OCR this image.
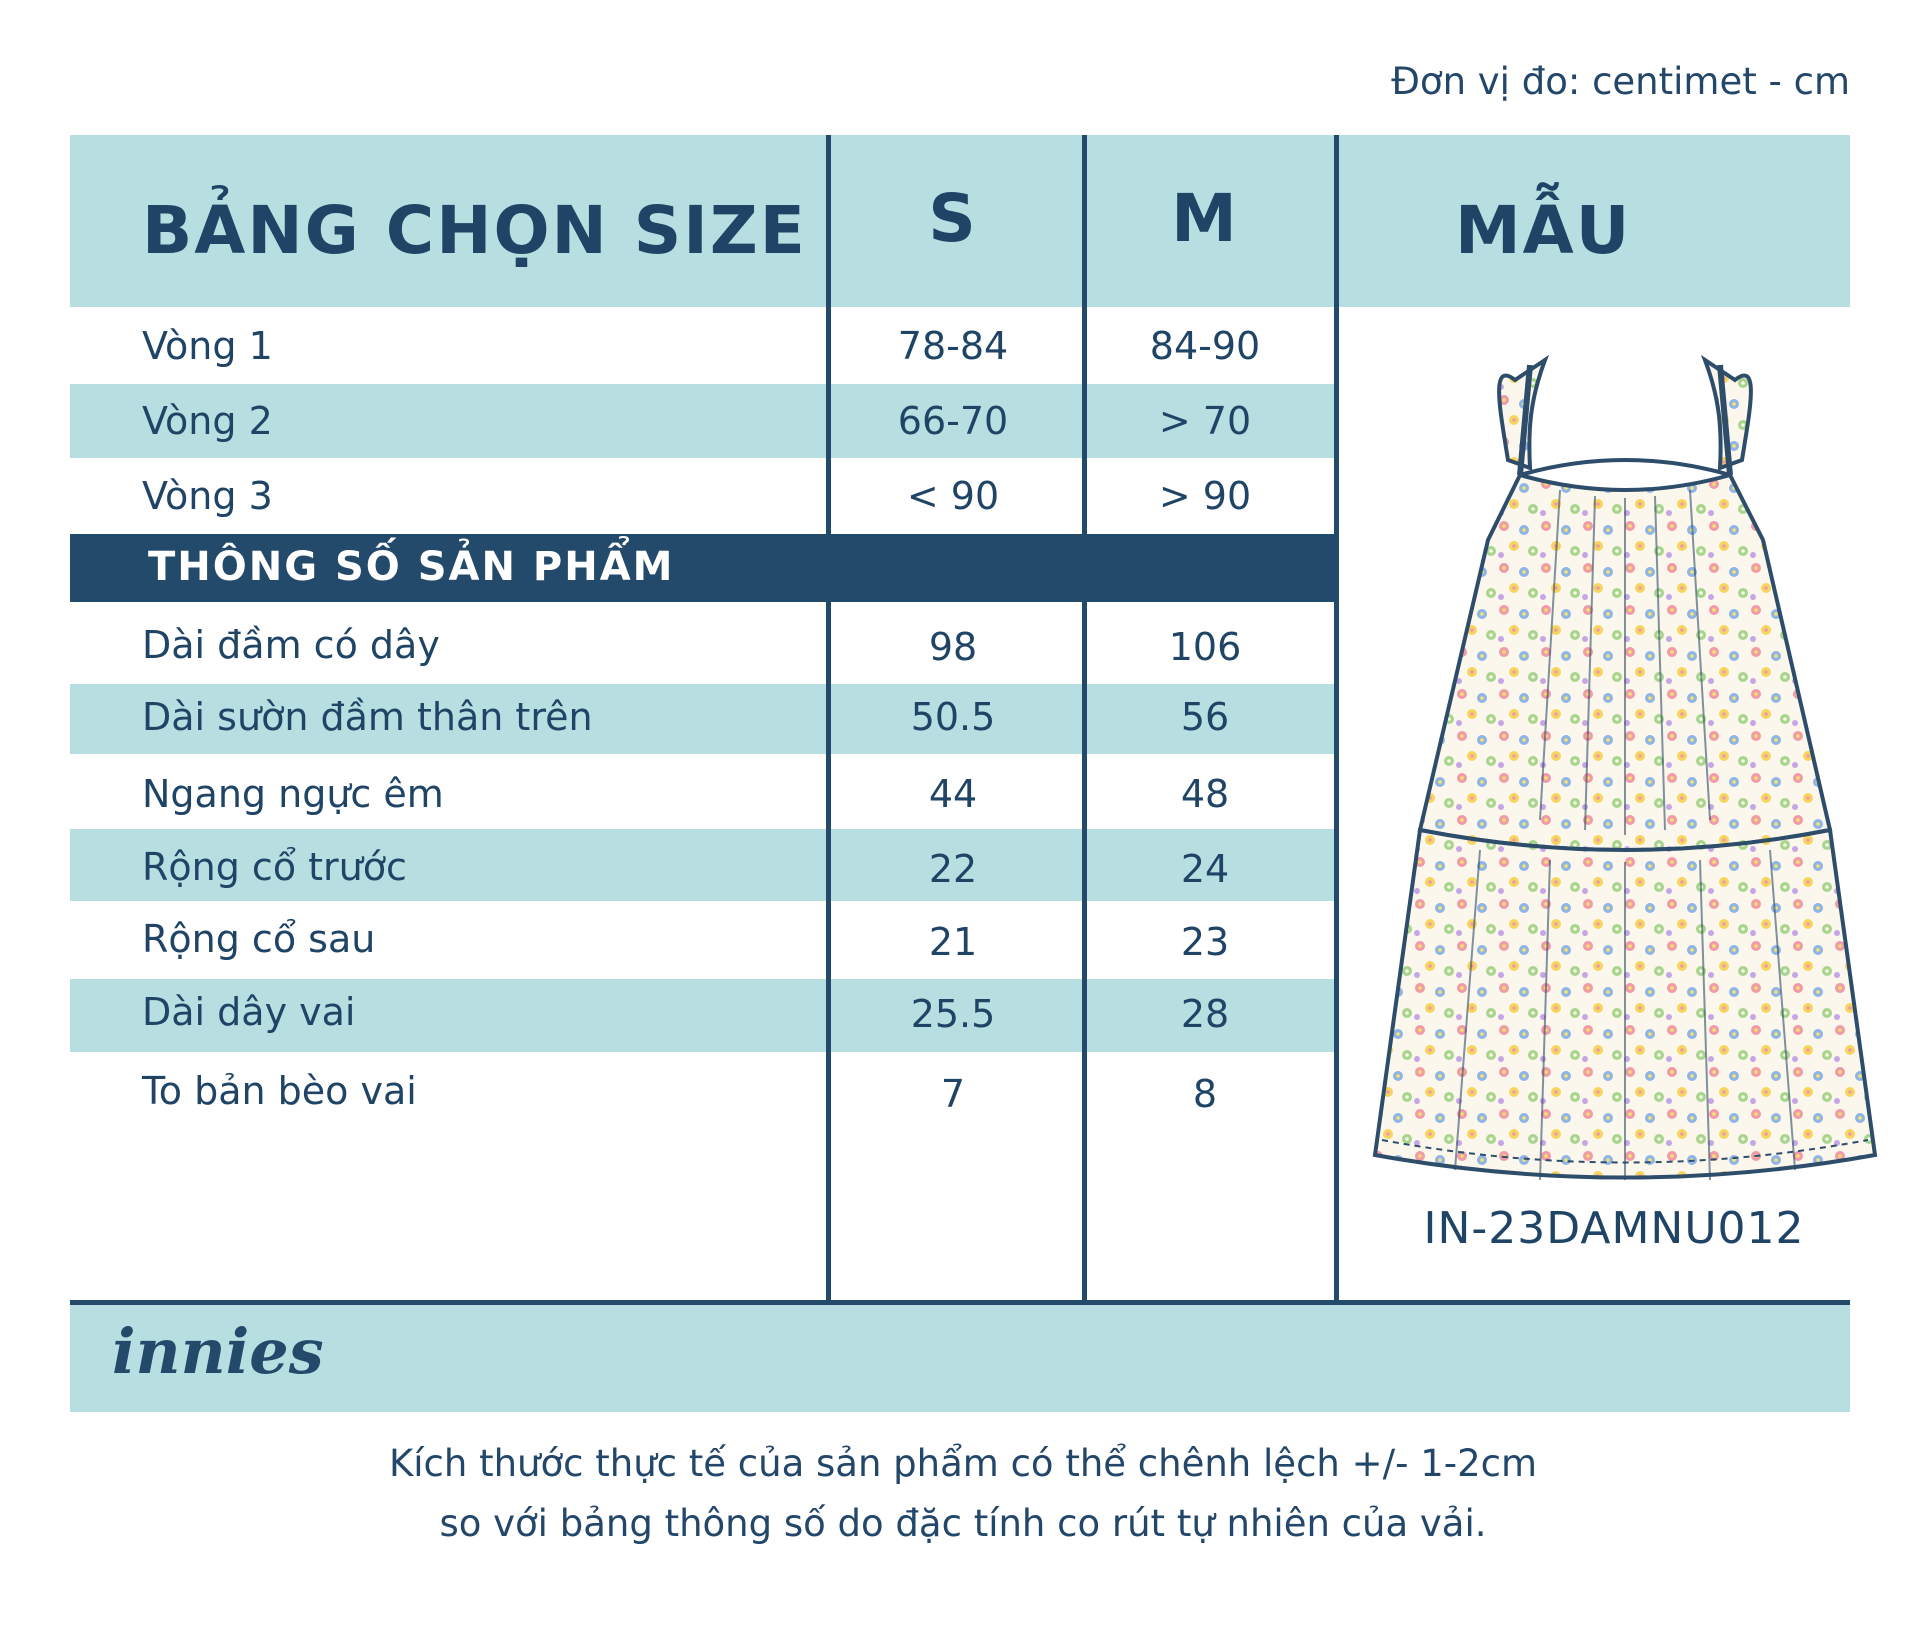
Đơn vị đo: centimet - cm
BẢNG CHỌN SIZE	S	M	MẪU
Vòng 1	78-84	84-90
Vòng 2	66-70	> 70
Vòng 3	< 90	> 90
THÔNG SỐ SẢN PHẨM
Dài đầm có dây	98	106
Dài sườn đầm thân trên	50.5	56
Ngang ngực êm	44	48
Rộng cổ trước	22	24
Rộng cổ sau	21	23
Dài dây vai	25.5	28
To bản bèo vai	7	8
IN-23DAMNU012
innies
Kích thước thực tế của sản phẩm có thể chênh lệch +/- 1-2cm
so với bảng thông số do đặc tính co rút tự nhiên của vải.
